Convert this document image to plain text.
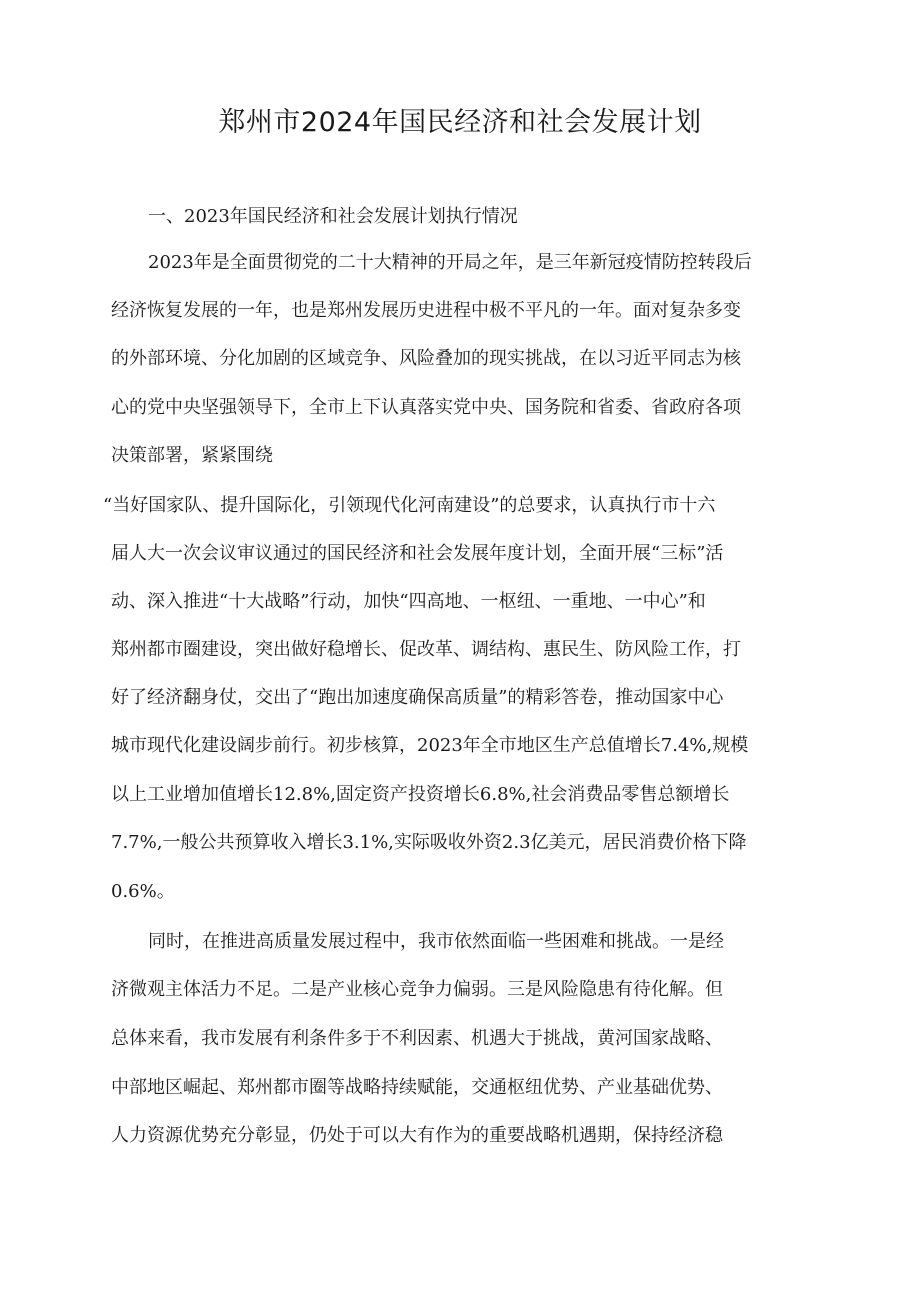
郑州市2024年国民经济和社会发展计划
一、2023年国民经济和社会发展计划执行情况
2023年是全面贯彻党的二十大精神的开局之年，是三年新冠疫情防控转段后
经济恢复发展的一年，也是郑州发展历史进程中极不平凡的一年。面对复杂多变
的外部环境、分化加剧的区域竞争、风险叠加的现实挑战，在以习近平同志为核
心的党中央坚强领导下，全市上下认真落实党中央、国务院和省委、省政府各项
决策部署，紧紧围绕
“当好国家队、提升国际化，引领现代化河南建设”的总要求，认真执行市十六
届人大一次会议审议通过的国民经济和社会发展年度计划，全面开展“三标”活
动、深入推进“十大战略”行动，加快“四高地、一枢纽、一重地、一中心”和
郑州都市圈建设，突出做好稳增长、促改革、调结构、惠民生、防风险工作，打
好了经济翻身仗，交出了“跑出加速度确保高质量”的精彩答卷，推动国家中心
城市现代化建设阔步前行。初步核算，2023年全市地区生产总值增长7.4%,规模
以上工业增加值增长12.8%,固定资产投资增长6.8%,社会消费品零售总额增长
7.7%,一般公共预算收入增长3.1%,实际吸收外资2.3亿美元，居民消费价格下降
0.6%。
同时，在推进高质量发展过程中，我市依然面临一些困难和挑战。一是经
济微观主体活力不足。二是产业核心竞争力偏弱。三是风险隐患有待化解。但
总体来看，我市发展有利条件多于不利因素、机遇大于挑战，黄河国家战略、
中部地区崛起、郑州都市圈等战略持续赋能，交通枢纽优势、产业基础优势、
人力资源优势充分彰显，仍处于可以大有作为的重要战略机遇期，保持经济稳
